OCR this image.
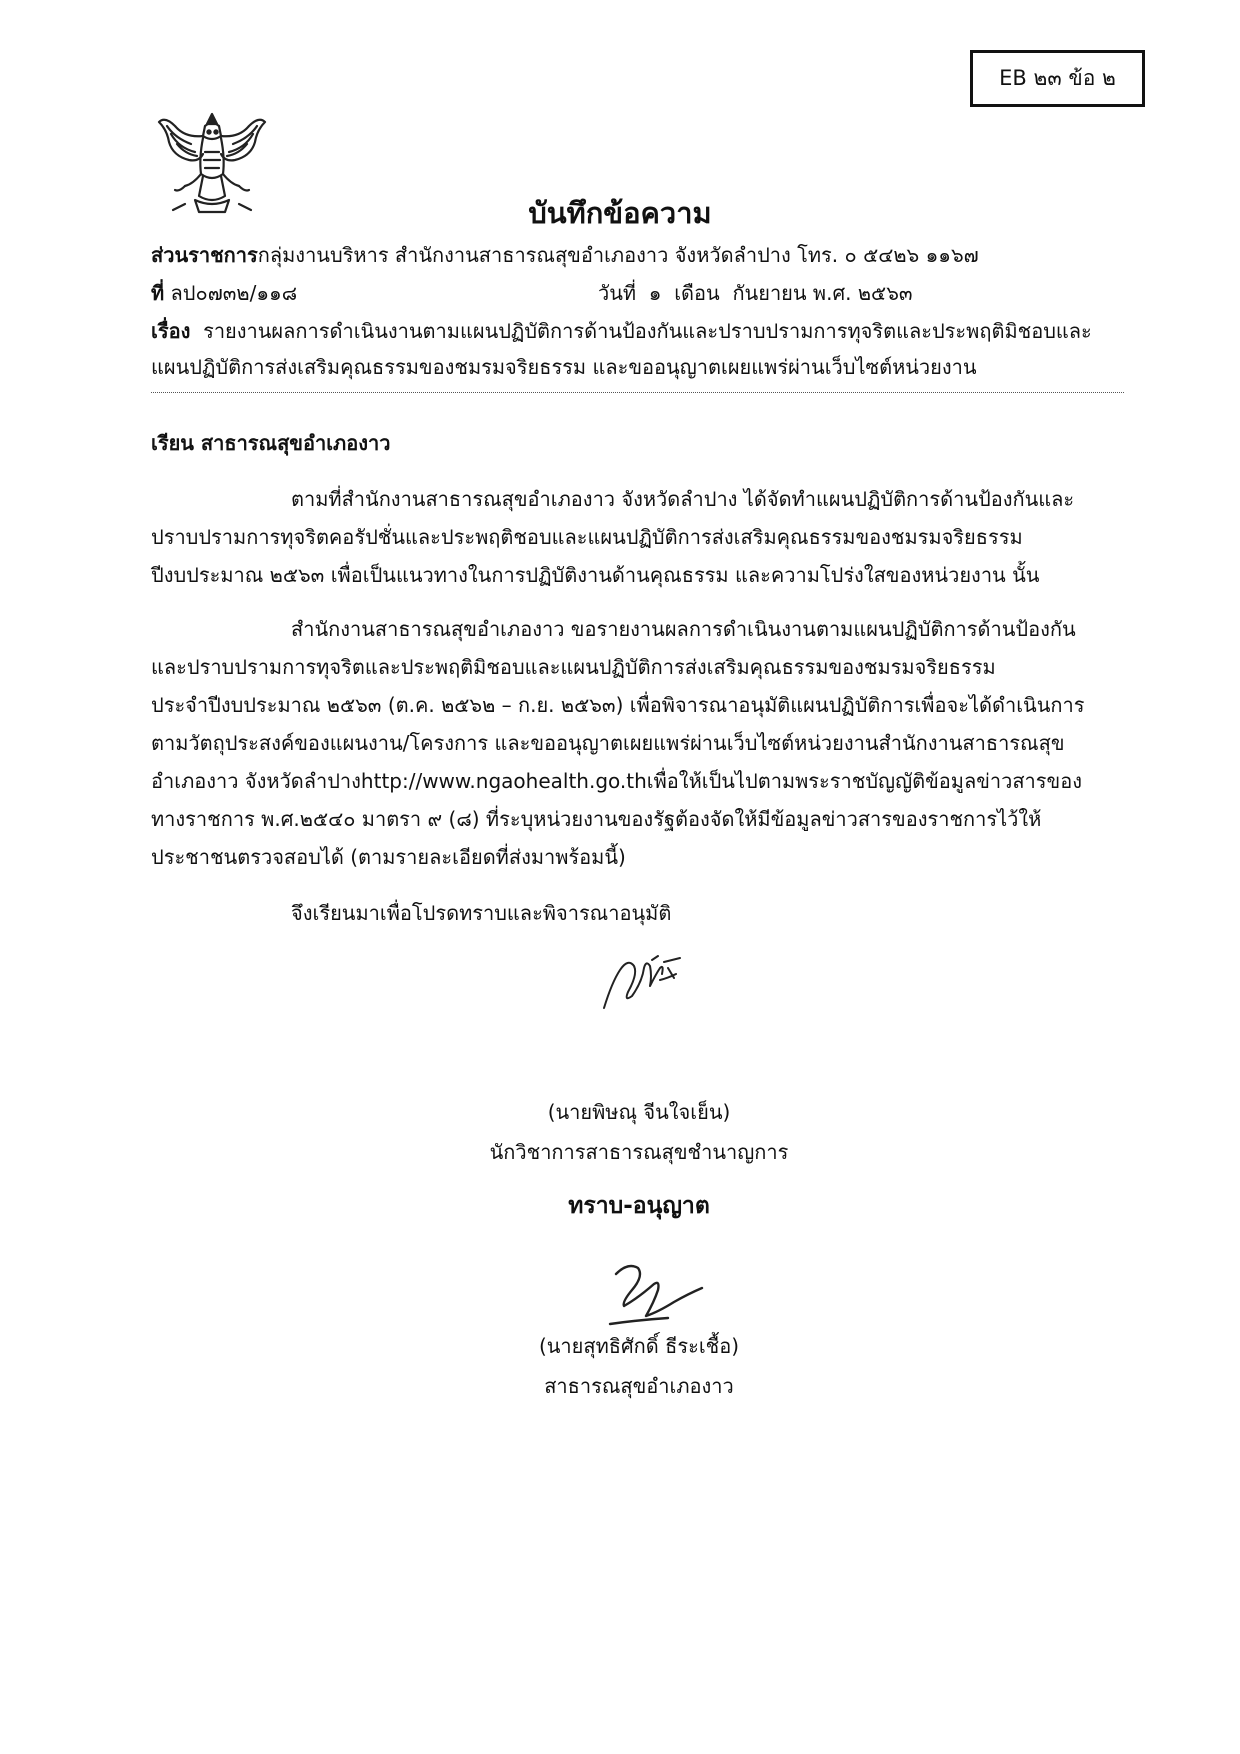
EB ๒๓ ข้อ ๒
บันทึกข้อความ
ส่วนราชการกลุ่มงานบริหาร สำนักงานสาธารณสุขอำเภองาว จังหวัดลำปาง โทร. ๐ ๕๔๒๖ ๑๑๖๗
ที่ ลป๐๗๓๒/๑๑๘	วันที่  ๑  เดือน  กันยายน พ.ศ. ๒๕๖๓
เรื่อง  รายงานผลการดำเนินงานตามแผนปฏิบัติการด้านป้องกันและปราบปรามการทุจริตและประพฤติมิชอบและ
แผนปฏิบัติการส่งเสริมคุณธรรมของชมรมจริยธรรม และขออนุญาตเผยแพร่ผ่านเว็บไซต์หน่วยงาน
เรียน สาธารณสุขอำเภองาว
ตามที่สำนักงานสาธารณสุขอำเภองาว จังหวัดลำปาง ได้จัดทำแผนปฏิบัติการด้านป้องกันและ
ปราบปรามการทุจริตคอรัปชั่นและประพฤติชอบและแผนปฏิบัติการส่งเสริมคุณธรรมของชมรมจริยธรรม
ปีงบประมาณ ๒๕๖๓ เพื่อเป็นแนวทางในการปฏิบัติงานด้านคุณธรรม และความโปร่งใสของหน่วยงาน นั้น
สำนักงานสาธารณสุขอำเภองาว ขอรายงานผลการดำเนินงานตามแผนปฏิบัติการด้านป้องกัน
และปราบปรามการทุจริตและประพฤติมิชอบและแผนปฏิบัติการส่งเสริมคุณธรรมของชมรมจริยธรรม
ประจำปีงบประมาณ ๒๕๖๓ (ต.ค. ๒๕๖๒ – ก.ย. ๒๕๖๓) เพื่อพิจารณาอนุมัติแผนปฏิบัติการเพื่อจะได้ดำเนินการ
ตามวัตถุประสงค์ของแผนงาน/โครงการ และขออนุญาตเผยแพร่ผ่านเว็บไซต์หน่วยงานสำนักงานสาธารณสุข
อำเภองาว จังหวัดลำปางhttp://www.ngaohealth.go.thเพื่อให้เป็นไปตามพระราชบัญญัติข้อมูลข่าวสารของ
ทางราชการ พ.ศ.๒๕๔๐ มาตรา ๙ (๘) ที่ระบุหน่วยงานของรัฐต้องจัดให้มีข้อมูลข่าวสารของราชการไว้ให้
ประชาชนตรวจสอบได้ (ตามรายละเอียดที่ส่งมาพร้อมนี้)
จึงเรียนมาเพื่อโปรดทราบและพิจารณาอนุมัติ
(นายพิษณุ จีนใจเย็น)
นักวิชาการสาธารณสุขชำนาญการ
ทราบ-อนุญาต
(นายสุทธิศักดิ์ ธีระเชื้อ)
สาธารณสุขอำเภองาว
